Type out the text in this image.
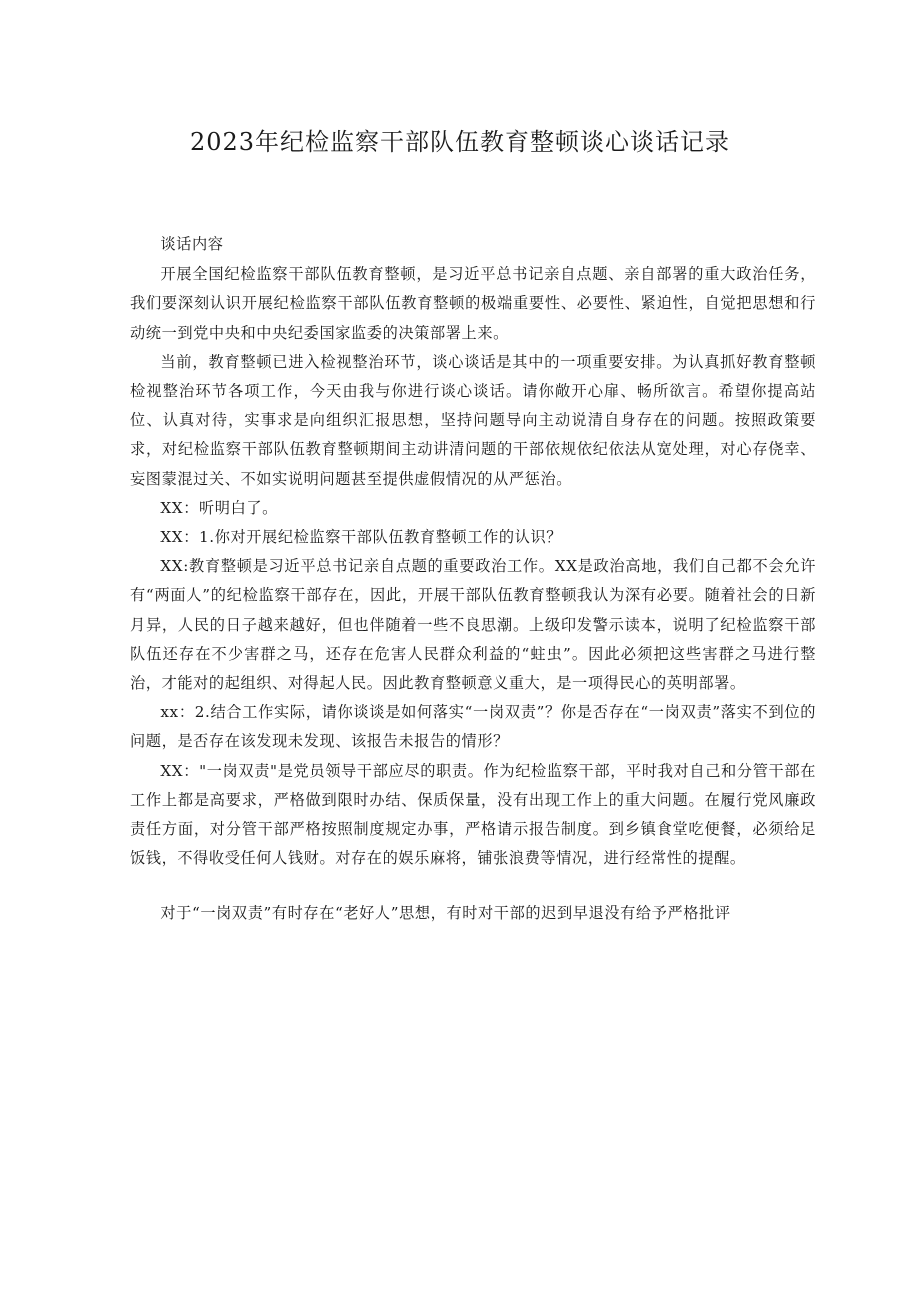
2023年纪检监察干部队伍教育整顿谈心谈话记录

谈话内容

开展全国纪检监察干部队伍教育整顿，是习近平总书记亲自点题、亲自部署的重大政治任务，我们要深刻认识开展纪检监察干部队伍教育整顿的极端重要性、必要性、紧迫性，自觉把思想和行动统一到党中央和中央纪委国家监委的决策部署上来。

当前，教育整顿已进入检视整治环节，谈心谈话是其中的一项重要安排。为认真抓好教育整顿检视整治环节各项工作，今天由我与你进行谈心谈话。请你敞开心扉、畅所欲言。希望你提高站位、认真对待，实事求是向组织汇报思想，坚持问题导向主动说清自身存在的问题。按照政策要求，对纪检监察干部队伍教育整顿期间主动讲清问题的干部依规依纪依法从宽处理，对心存侥幸、妄图蒙混过关、不如实说明问题甚至提供虚假情况的从严惩治。

XX：听明白了。

XX：1.你对开展纪检监察干部队伍教育整顿工作的认识？

XX:教育整顿是习近平总书记亲自点题的重要政治工作。XX是政治高地，我们自己都不会允许有“两面人”的纪检监察干部存在，因此，开展干部队伍教育整顿我认为深有必要。随着社会的日新月异，人民的日子越来越好，但也伴随着一些不良思潮。上级印发警示读本，说明了纪检监察干部队伍还存在不少害群之马，还存在危害人民群众利益的“蛀虫”。因此必须把这些害群之马进行整治，才能对的起组织、对得起人民。因此教育整顿意义重大，是一项得民心的英明部署。

xx：2.结合工作实际，请你谈谈是如何落实“一岗双责”？你是否存在“一岗双责”落实不到位的问题，是否存在该发现未发现、该报告未报告的情形？

XX："一岗双责"是党员领导干部应尽的职责。作为纪检监察干部，平时我对自己和分管干部在工作上都是高要求，严格做到限时办结、保质保量，没有出现工作上的重大问题。在履行党风廉政责任方面，对分管干部严格按照制度规定办事，严格请示报告制度。到乡镇食堂吃便餐，必须给足饭钱，不得收受任何人钱财。对存在的娱乐麻将，铺张浪费等情况，进行经常性的提醒。

对于“一岗双责”有时存在“老好人”思想，有时对干部的迟到早退没有给予严格批评
